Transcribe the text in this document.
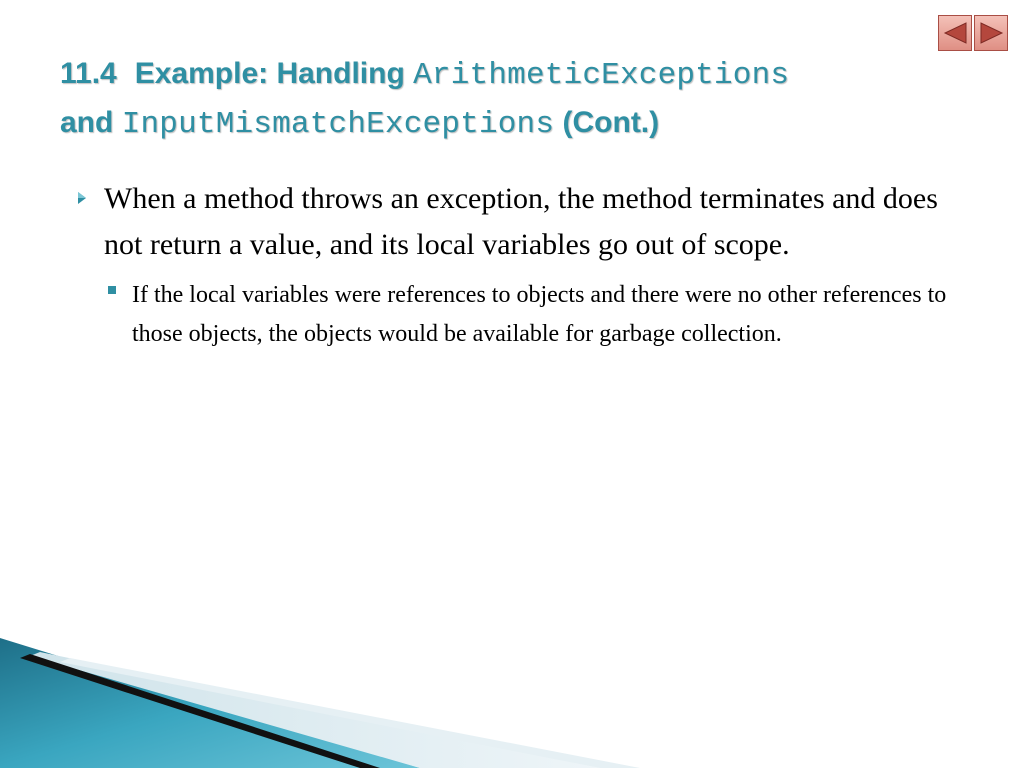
11.4 Example: Handling ArithmeticExceptions
and InputMismatchExceptions (Cont.)
When a method throws an exception, the method terminates and does not return a value, and its local variables go out of scope.
If the local variables were references to objects and there were no other references to those objects, the objects would be available for garbage collection.
